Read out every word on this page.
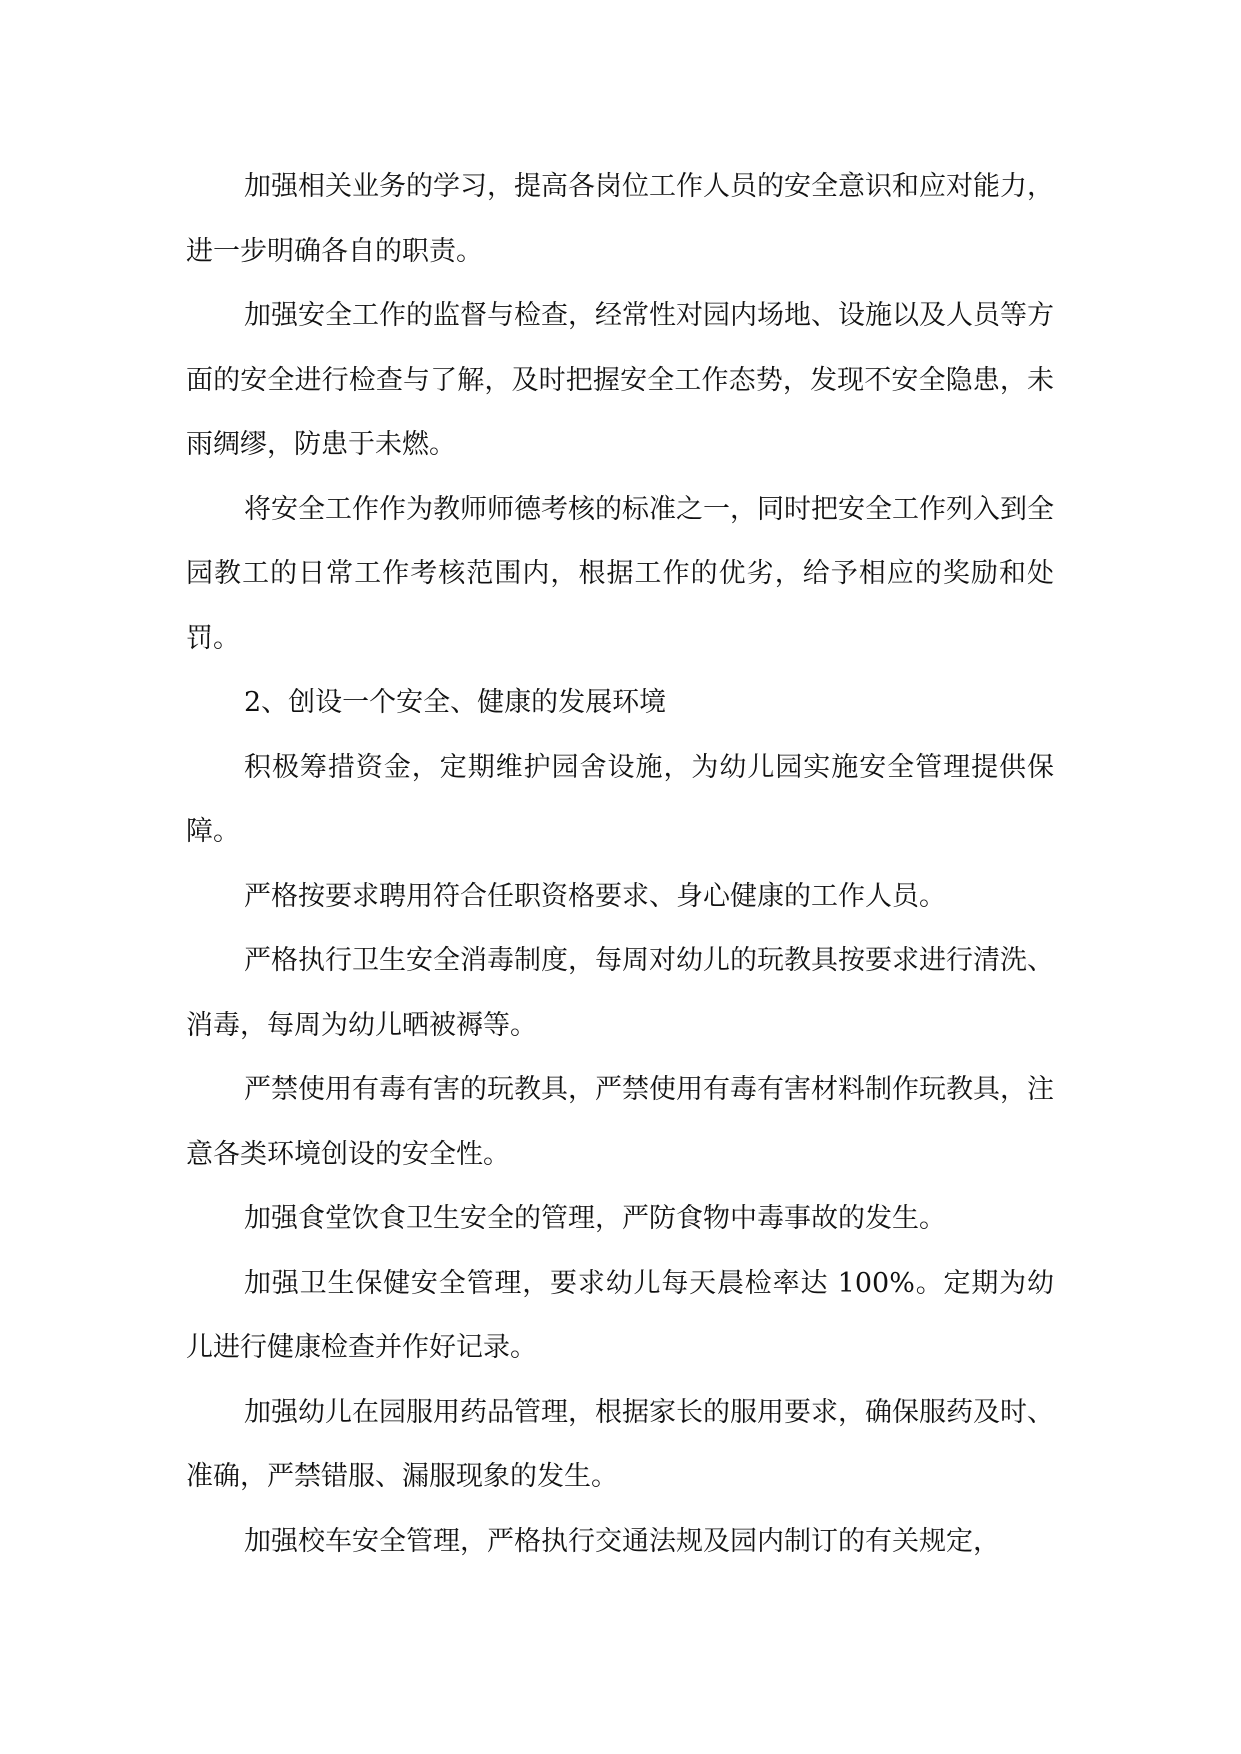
加强相关业务的学习，提高各岗位工作人员的安全意识和应对能力，进一步明确各自的职责。

加强安全工作的监督与检查，经常性对园内场地、设施以及人员等方面的安全进行检查与了解，及时把握安全工作态势，发现不安全隐患，未雨绸缪，防患于未燃。

将安全工作作为教师师德考核的标准之一，同时把安全工作列入到全园教工的日常工作考核范围内，根据工作的优劣，给予相应的奖励和处罚。

2、创设一个安全、健康的发展环境

积极筹措资金，定期维护园舍设施，为幼儿园实施安全管理提供保障。

严格按要求聘用符合任职资格要求、身心健康的工作人员。

严格执行卫生安全消毒制度，每周对幼儿的玩教具按要求进行清洗、消毒，每周为幼儿晒被褥等。

严禁使用有毒有害的玩教具，严禁使用有毒有害材料制作玩教具，注意各类环境创设的安全性。

加强食堂饮食卫生安全的管理，严防食物中毒事故的发生。

加强卫生保健安全管理，要求幼儿每天晨检率达 100%。定期为幼儿进行健康检查并作好记录。

加强幼儿在园服用药品管理，根据家长的服用要求，确保服药及时、准确，严禁错服、漏服现象的发生。

加强校车安全管理，严格执行交通法规及园内制订的有关规定，
